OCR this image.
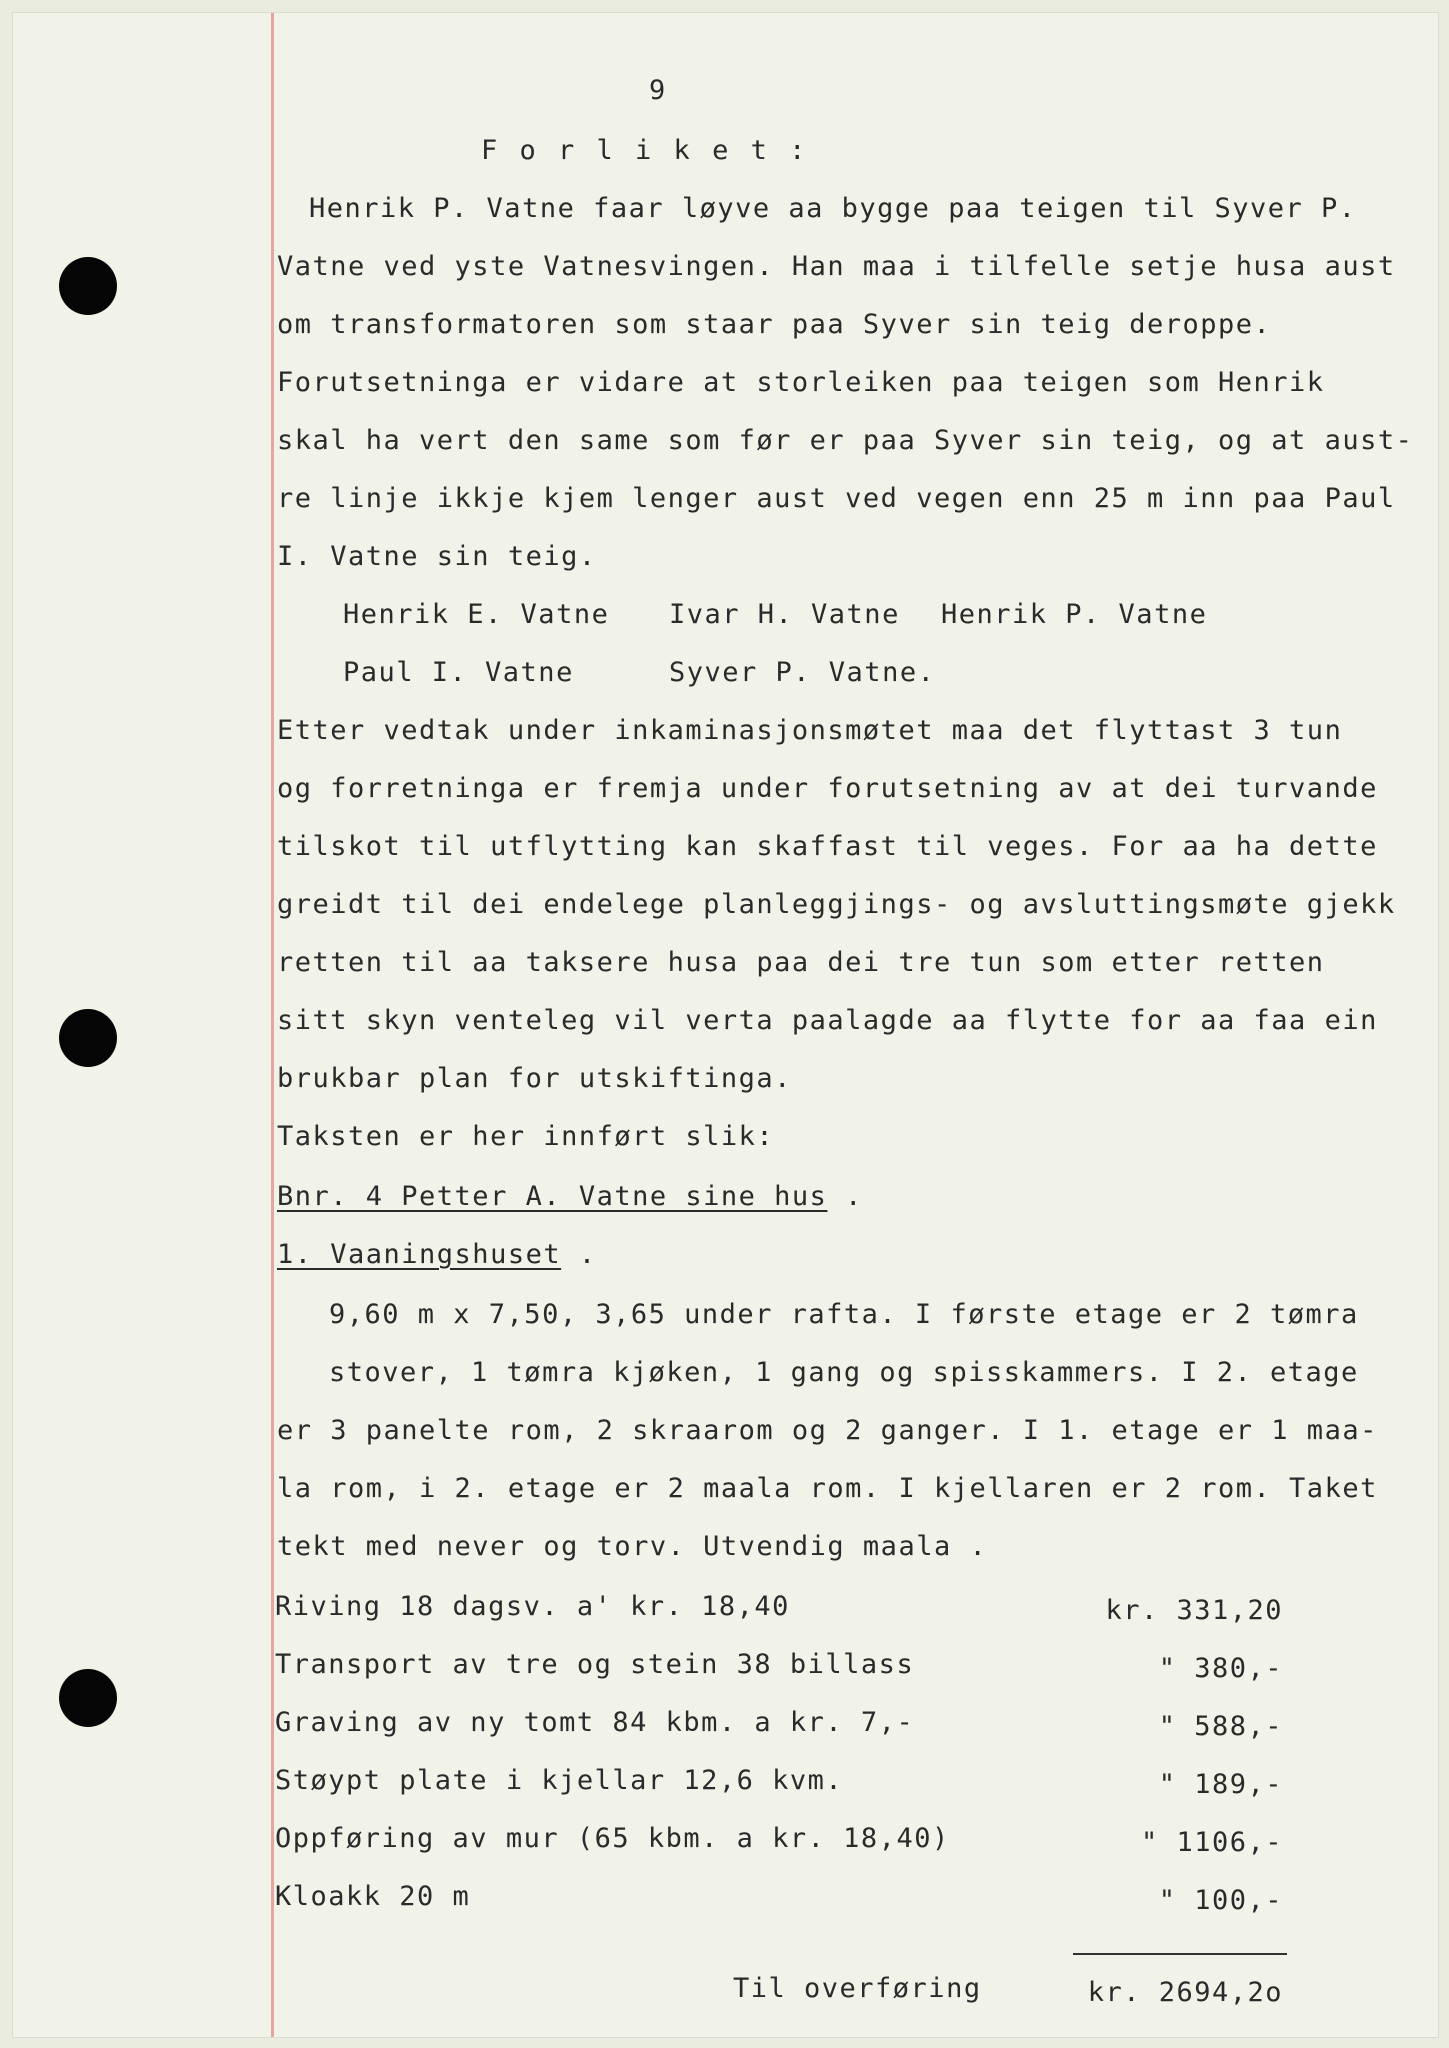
9
F o r l i k e t :
Henrik P. Vatne faar løyve aa bygge paa teigen til Syver P.
Vatne ved yste Vatnesvingen. Han maa i tilfelle setje husa aust
om transformatoren som staar paa Syver sin teig deroppe.
Forutsetninga er vidare at storleiken paa teigen som Henrik
skal ha vert den same som før er paa Syver sin teig, og at aust-
re linje ikkje kjem lenger aust ved vegen enn 25 m inn paa Paul
I. Vatne sin teig.
Henrik E. Vatne Ivar H. Vatne Henrik P. Vatne
Paul I. Vatne	Syver P. Vatne.
Etter vedtak under inkaminasjonsmøtet maa det flyttast 3 tun
og forretninga er fremja under forutsetning av at dei turvande
tilskot til utflytting kan skaffast til veges. For aa ha dette
greidt til dei endelege planleggjings- og avsluttingsmøte gjekk
retten til aa taksere husa paa dei tre tun som etter retten
sitt skyn venteleg vil verta paalagde aa flytte for aa faa ein
brukbar plan for utskiftinga.
Taksten er her innført slik:
Bnr. 4 Petter A. Vatne sine hus .
1. Vaaningshuset .
9,60 m x 7,50, 3,65 under rafta. I første etage er 2 tømra
stover, 1 tømra kjøken, 1 gang og spisskammers. I 2. etage
er 3 panelte rom, 2 skraarom og 2 ganger. I 1. etage er 1 maa-
la rom, i 2. etage er 2 maala rom. I kjellaren er 2 rom. Taket
tekt med never og torv. Utvendig maala .
Riving 18 dagsv. a' kr. 18,40	kr. 331,20
Transport av tre og stein 38 billass	" 380,-
Graving av ny tomt 84 kbm. a kr. 7,-	" 588,-
Støypt plate i kjellar 12,6 kvm.	" 189,-
Oppføring av mur (65 kbm. a kr. 18,40)	" 1106,-
Kloakk 20 m	" 100,-
Til overføring	kr. 2694,2o
